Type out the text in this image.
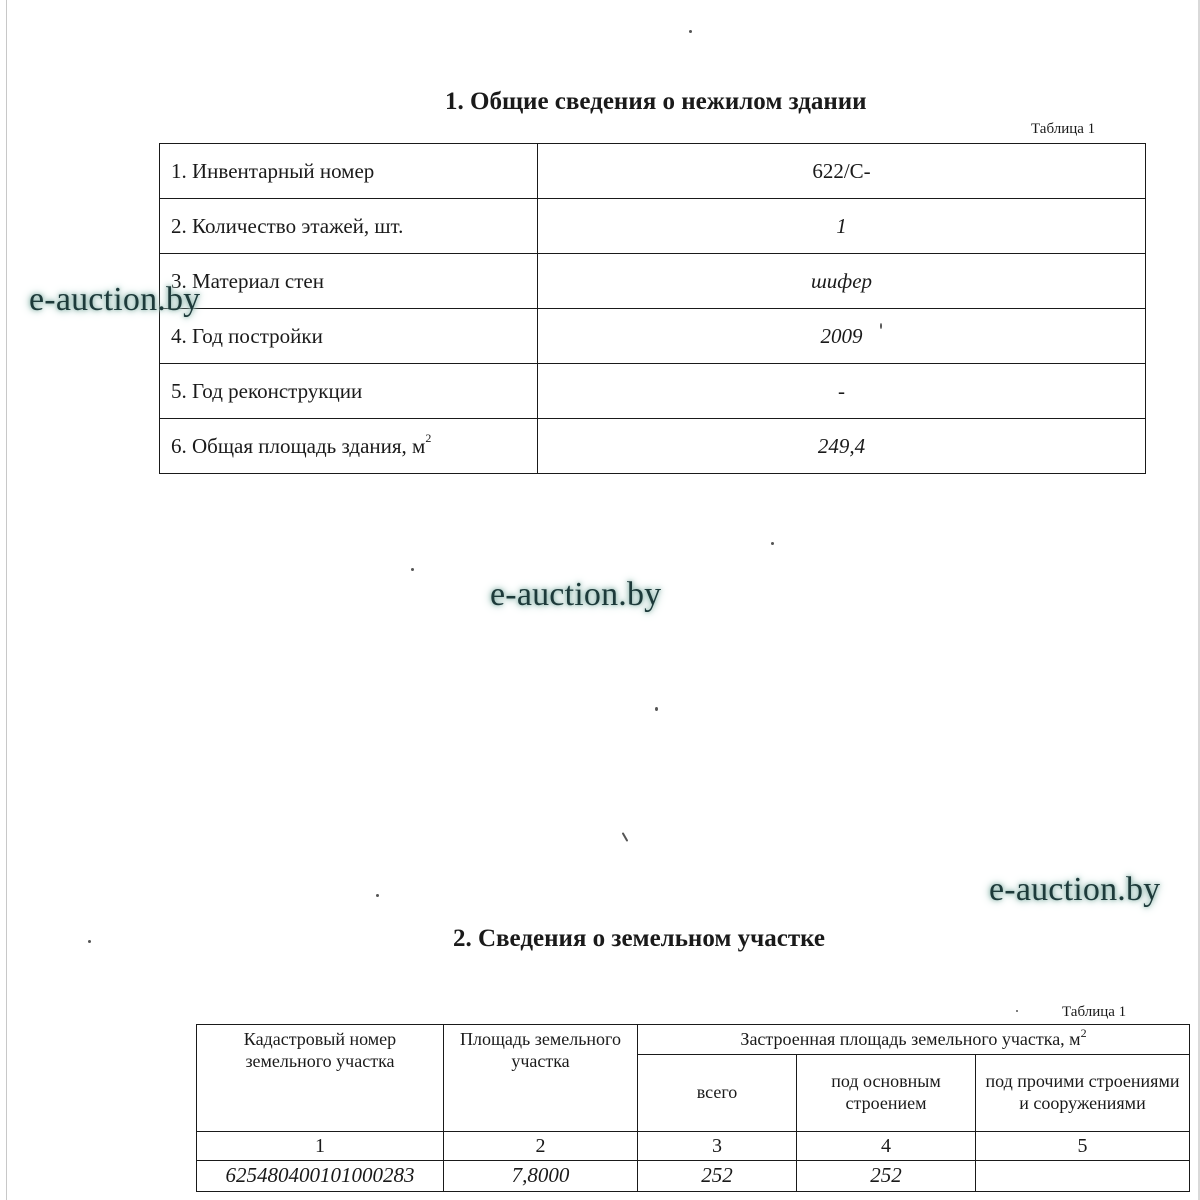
1. Общие сведения о нежилом здании
Таблица 1
1. Инвентарный номер	622/С-
2. Количество этажей, шт.	1
3. Материал стен	шифер
4. Год постройки	2009
5. Год реконструкции	-
6. Общая площадь здания, $м^2$	249,4
2. Сведения о земельном участке
Таблица 1
Кадастровый номер земельного участка	Площадь земельного участка	Застроенная площадь земельного участка, $м^2$
		всего	под основным строением	под прочими строениями и сооружениями
1	2	3	4	5
625480400101000283	7,8000	252	252	
e-auction.by
e-auction.by
e-auction.by
